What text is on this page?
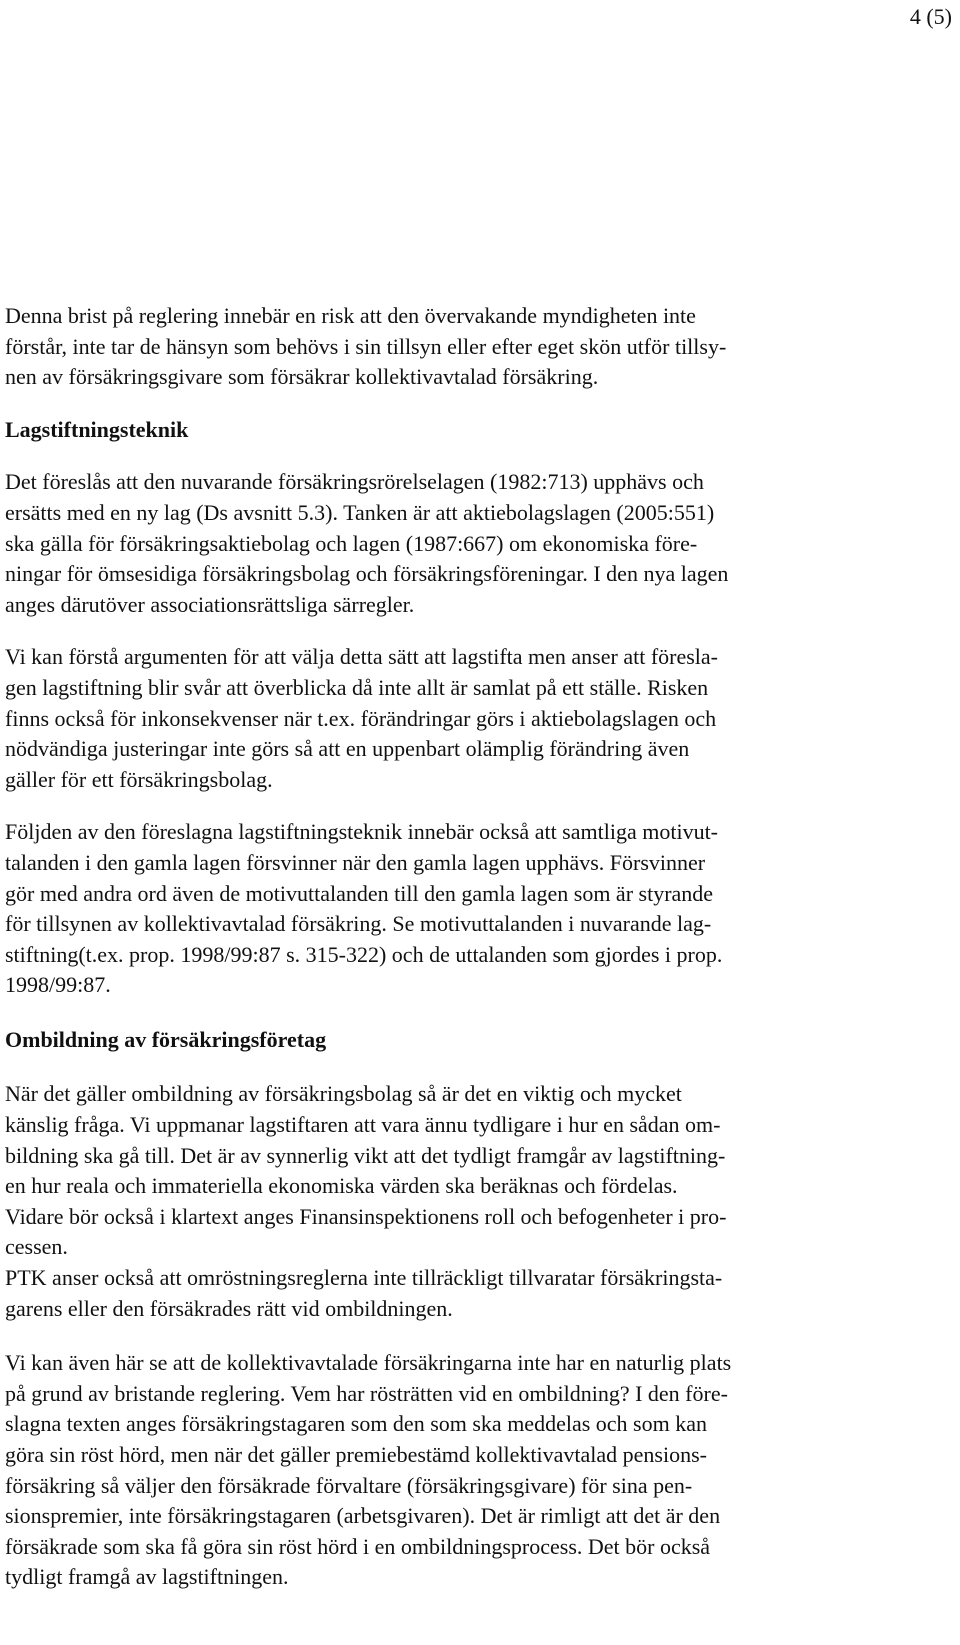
4 (5)

Denna brist på reglering innebär en risk att den övervakande myndigheten inte
förstår, inte tar de hänsyn som behövs i sin tillsyn eller efter eget skön utför tillsy-
nen av försäkringsgivare som försäkrar kollektivavtalad försäkring.

Lagstiftningsteknik

Det föreslås att den nuvarande försäkringsrörelselagen (1982:713) upphävs och
ersätts med en ny lag (Ds avsnitt 5.3). Tanken är att aktiebolagslagen (2005:551)
ska gälla för försäkringsaktiebolag och lagen (1987:667) om ekonomiska före-
ningar för ömsesidiga försäkringsbolag och försäkringsföreningar. I den nya lagen
anges därutöver associationsrättsliga särregler.

Vi kan förstå argumenten för att välja detta sätt att lagstifta men anser att föresla-
gen lagstiftning blir svår att överblicka då inte allt är samlat på ett ställe. Risken
finns också för inkonsekvenser när t.ex. förändringar görs i aktiebolagslagen och
nödvändiga justeringar inte görs så att en uppenbart olämplig förändring även
gäller för ett försäkringsbolag.

Följden av den föreslagna lagstiftningsteknik innebär också att samtliga motivut-
talanden i den gamla lagen försvinner när den gamla lagen upphävs. Försvinner
gör med andra ord även de motivuttalanden till den gamla lagen som är styrande
för tillsynen av kollektivavtalad försäkring. Se motivuttalanden i nuvarande lag-
stiftning(t.ex. prop. 1998/99:87 s. 315-322) och de uttalanden som gjordes i prop.
1998/99:87.

Ombildning av försäkringsföretag

När det gäller ombildning av försäkringsbolag så är det en viktig och mycket
känslig fråga. Vi uppmanar lagstiftaren att vara ännu tydligare i hur en sådan om-
bildning ska gå till. Det är av synnerlig vikt att det tydligt framgår av lagstiftning-
en hur reala och immateriella ekonomiska värden ska beräknas och fördelas.
Vidare bör också i klartext anges Finansinspektionens roll och befogenheter i pro-
cessen.

PTK anser också att omröstningsreglerna inte tillräckligt tillvaratar försäkringsta-
garens eller den försäkrades rätt vid ombildningen.

Vi kan även här se att de kollektivavtalade försäkringarna inte har en naturlig plats
på grund av bristande reglering. Vem har rösträtten vid en ombildning? I den före-
slagna texten anges försäkringstagaren som den som ska meddelas och som kan
göra sin röst hörd, men när det gäller premiebestämd kollektivavtalad pensions-
försäkring så väljer den försäkrade förvaltare (försäkringsgivare) för sina pen-
sionspremier, inte försäkringstagaren (arbetsgivaren). Det är rimligt att det är den
försäkrade som ska få göra sin röst hörd i en ombildningsprocess. Det bör också
tydligt framgå av lagstiftningen.
